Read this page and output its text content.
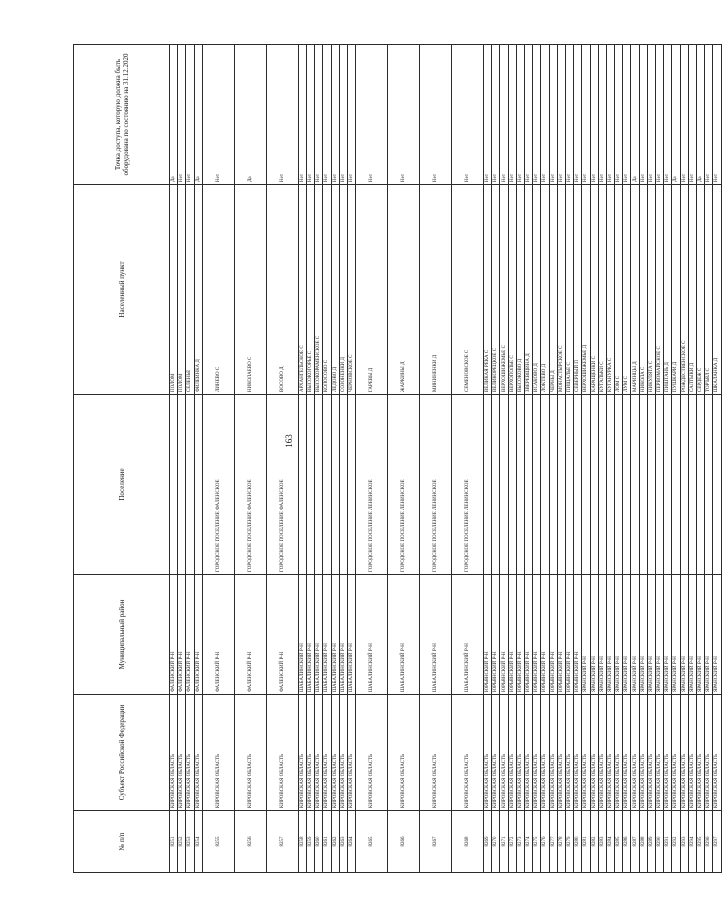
163
№ п/п	Субъект Российской Федерации	Муниципальный район	Поселение	Населенный пункт	Точка доступа, которую должна быть оборудована по состоянию на 31.12.2020
8251	КИРОВСКАЯ ОБЛАСТЬ	ФАЛЕНСКИЙ Р-Н		ПОЛОМ	Да
8252	КИРОВСКАЯ ОБЛАСТЬ	ФАЛЕНСКИЙ Р-Н		ПОЛОМ	Нет
8253	КИРОВСКАЯ ОБЛАСТЬ	ФАЛЕНСКИЙ Р-Н		СЕЛЕНЬЕ	Нет
8254	КИРОВСКАЯ ОБЛАСТЬ	ФАЛЕНСКИЙ Р-Н		ФИЛЕИНКА Д	Да
8255	КИРОВСКАЯ ОБЛАСТЬ	ФАЛЕНСКИЙ Р-Н	ГОРОДСКОЕ ПОСЕЛЕНИЕ ФАЛЕНСКОЕ	ЛИНЕВО С	Нет
8256	КИРОВСКАЯ ОБЛАСТЬ	ФАЛЕНСКИЙ Р-Н	ГОРОДСКОЕ ПОСЕЛЕНИЕ ФАЛЕНСКОЕ	НИКОЛАЕВО С	Да
8257	КИРОВСКАЯ ОБЛАСТЬ	ФАЛЕНСКИЙ Р-Н	ГОРОДСКОЕ ПОСЕЛЕНИЕ ФАЛЕНСКОЕ	ВОСОВО Д	Нет
8258	КИРОВСКАЯ ОБЛАСТЬ	ШАБАЛИНСКИЙ Р-Н		АРХАНГЕЛЬСКОЕ С	Нет
8259	КИРОВСКАЯ ОБЛАСТЬ	ШАБАЛИНСКИЙ Р-Н		ВЫСОКОГОРЬЕ С	Нет
8260	КИРОВСКАЯ ОБЛАСТЬ	ШАБАЛИНСКИЙ Р-Н		ВЫСОКОРАМЕНСКОЕ С	Нет
8261	КИРОВСКАЯ ОБЛАСТЬ	ШАБАЛИНСКИЙ Р-Н		КОЛОСОВО С	Нет
8262	КИРОВСКАЯ ОБЛАСТЬ	ШАБАЛИНСКИЙ Р-Н		ЛЕДОВО Д	Нет
8263	КИРОВСКАЯ ОБЛАСТЬ	ШАБАЛИНСКИЙ Р-Н		СОЗОНЕНКИ Д	Нет
8264	КИРОВСКАЯ ОБЛАСТЬ	ШАБАЛИНСКИЙ Р-Н		ЧЕРНОВСКОЕ С	Нет
8265	КИРОВСКАЯ ОБЛАСТЬ	ШАБАЛИНСКИЙ Р-Н	ГОРОДСКОЕ ПОСЕЛЕНИЕ ЛЕНИНСКОЕ	ГАРЕВЫ Д	Нет
8266	КИРОВСКАЯ ОБЛАСТЬ	ШАБАЛИНСКИЙ Р-Н	ГОРОДСКОЕ ПОСЕЛЕНИЕ ЛЕНИНСКОЕ	ЖАРКИНЫ Д	Нет
8267	КИРОВСКАЯ ОБЛАСТЬ	ШАБАЛИНСКИЙ Р-Н	ГОРОДСКОЕ ПОСЕЛЕНИЕ ЛЕНИНСКОЕ	МИНИНЕНКИ Д	Нет
8268	КИРОВСКАЯ ОБЛАСТЬ	ШАБАЛИНСКИЙ Р-Н	ГОРОДСКОЕ ПОСЕЛЕНИЕ ЛЕНИНСКОЕ	СЕМЕНОВСКОЕ С	Нет
8269	КИРОВСКАЯ ОБЛАСТЬ	ЮРЬЯНСКИЙ Р-Н		ВЕЛИКАЯ РЕКА С	Нет
8270	КИРОВСКАЯ ОБЛАСТЬ	ЮРЬЯНСКИЙ Р-Н		ВЕЛИКОРЕЦКОЕ С	Нет
8271	КИРОВСКАЯ ОБЛАСТЬ	ЮРЬЯНСКИЙ Р-Н		ВЕРХОШИЖЕМЬЕ С	Нет
8272	КИРОВСКАЯ ОБЛАСТЬ	ЮРЬЯНСКИЙ Р-Н		ВЕРХОПОЛЬЕ С	Нет
8273	КИРОВСКАЯ ОБЛАСТЬ	ЮРЬЯНСКИЙ Р-Н		ВЫСОКОВО Д	Нет
8274	КИРОВСКАЯ ОБЛАСТЬ	ЮРЬЯНСКИЙ Р-Н		ЗВЕРЕВЩИНА Д	Нет
8275	КИРОВСКАЯ ОБЛАСТЬ	ЮРЬЯНСКИЙ Р-Н		ИСАКОВО Д	Нет
8276	КИРОВСКАЯ ОБЛАСТЬ	ЮРЬЯНСКИЙ Р-Н		ЛОКТЕВО Д	Нет
8277	КИРОВСКАЯ ОБЛАСТЬ	ЮРЬЯНСКИЙ Р-Н		ЧЕРНЫ Д	Нет
8278	КИРОВСКАЯ ОБЛАСТЬ	ЮРЬЯНСКИЙ Р-Н		МОНАСТЫРСКОЕ С	Нет
8279	КИРОВСКАЯ ОБЛАСТЬ	ЮРЬЯНСКИЙ Р-Н		ПИЩАЛЬЕ С	Нет
8280	КИРОВСКАЯ ОБЛАСТЬ	ЮРЬЯНСКИЙ Р-Н		СЕВЕРНЫЙ П	Нет
8281	КИРОВСКАЯ ОБЛАСТЬ	ЯРАНСКИЙ Р-Н		ВЕРХОШИЖЕМЬЕ Д	Нет
8282	КИРОВСКАЯ ОБЛАСТЬ	ЯРАНСКИЙ Р-Н		КАРАЩЕНКИ С	Нет
8283	КИРОВСКАЯ ОБЛАСТЬ	ЯРАНСКИЙ Р-Н		КУГАЛЬКИ С	Нет
8284	КИРОВСКАЯ ОБЛАСТЬ	ЯРАНСКИЙ Р-Н		КУГАНУРКА С	Нет
8285	КИРОВСКАЯ ОБЛАСТЬ	ЯРАНСКИЙ Р-Н		ЛОМ С	Нет
8286	КИРОВСКАЯ ОБЛАСТЬ	ЯРАНСКИЙ Р-Н		ЛУМ С	Нет
8287	КИРОВСКАЯ ОБЛАСТЬ	ЯРАНСКИЙ Р-Н		МАРИНЦЫ Д	Да
8288	КИРОВСКАЯ ОБЛАСТЬ	ЯРАНСКИЙ Р-Н		НИКОЛА С	Нет
8289	КИРОВСКАЯ ОБЛАСТЬ	ЯРАНСКИЙ Р-Н		НИКУЛЯТА С	Нет
8290	КИРОВСКАЯ ОБЛАСТЬ	ЯРАНСКИЙ Р-Н		ПЕРВОМАЙСКОЕ С	Нет
8291	КИРОВСКАЯ ОБЛАСТЬ	ЯРАНСКИЙ Р-Н		ПИШТАНЬ Д	Нет
8292	КИРОВСКАЯ ОБЛАСТЬ	ЯРАНСКИЙ Р-Н		ПУШКАРИ Д	Да
8293	КИРОВСКАЯ ОБЛАСТЬ	ЯРАНСКИЙ Р-Н		РОЖДЕСТВЕНСКОЕ С	Нет
8294	КИРОВСКАЯ ОБЛАСТЬ	ЯРАНСКИЙ Р-Н		САЛТЫКИ Д	Нет
8295	КИРОВСКАЯ ОБЛАСТЬ	ЯРАНСКИЙ Р-Н		СЕРДЕЖ С	Да
8296	КИРОВСКАЯ ОБЛАСТЬ	ЯРАНСКИЙ Р-Н		ТОРЪЯЛ С	Нет
8297	КИРОВСКАЯ ОБЛАСТЬ	ЯРАНСКИЙ Р-Н		ШКАЛАНКА Д	Нет
